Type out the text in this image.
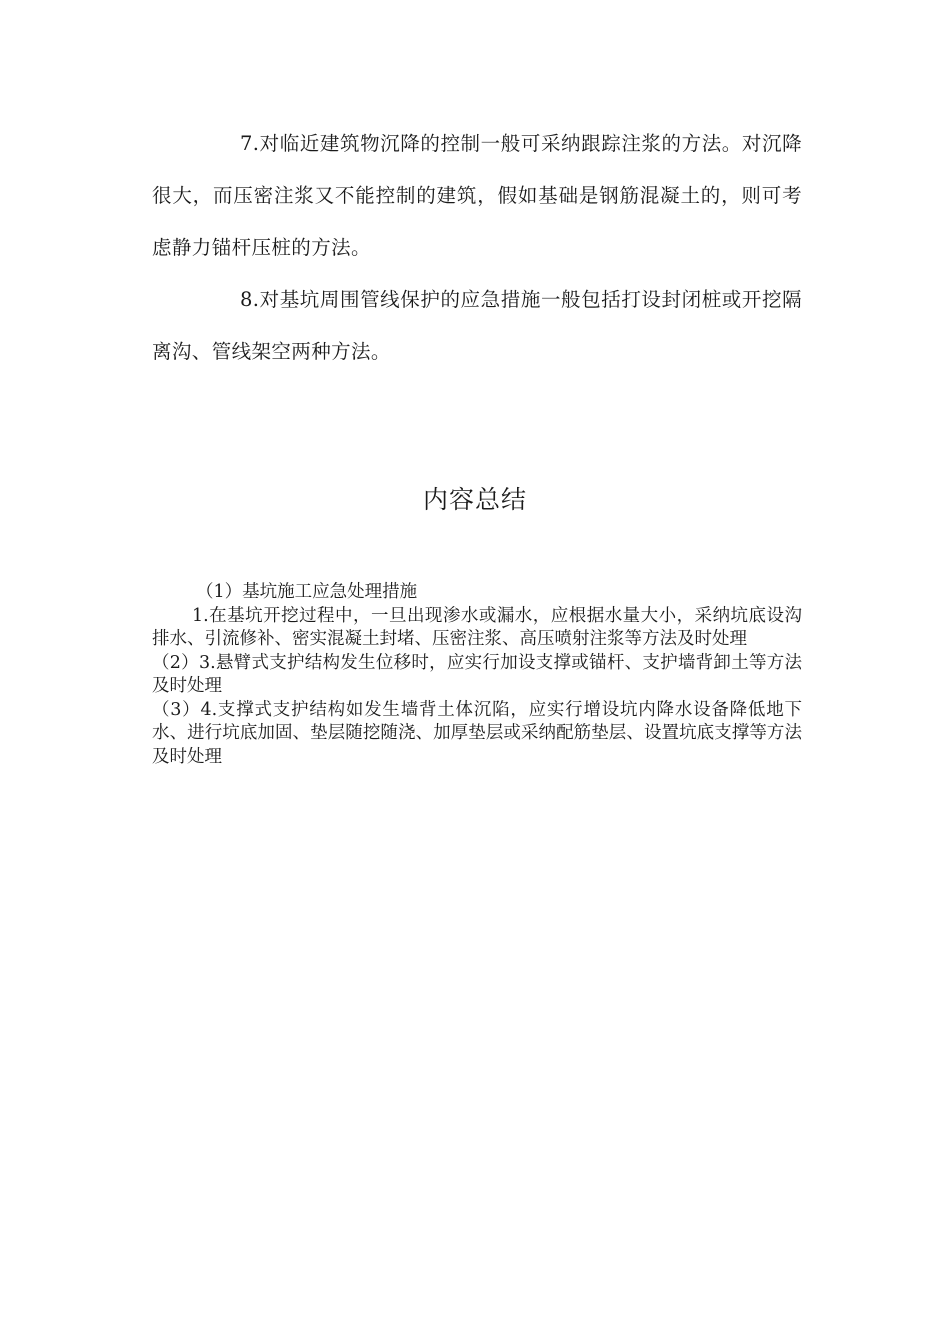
7.对临近建筑物沉降的控制一般可采纳跟踪注浆的方法。对沉降很大，而压密注浆又不能控制的建筑，假如基础是钢筋混凝土的，则可考虑静力锚杆压桩的方法。

8.对基坑周围管线保护的应急措施一般包括打设封闭桩或开挖隔离沟、管线架空两种方法。

内容总结
（1）基坑施工应急处理措施
1.在基坑开挖过程中，一旦出现渗水或漏水，应根据水量大小，采纳坑底设沟排水、引流修补、密实混凝土封堵、压密注浆、高压喷射注浆等方法及时处理
（2）3.悬臂式支护结构发生位移时，应实行加设支撑或锚杆、支护墙背卸土等方法及时处理
（3）4.支撑式支护结构如发生墙背土体沉陷，应实行增设坑内降水设备降低地下水、进行坑底加固、垫层随挖随浇、加厚垫层或采纳配筋垫层、设置坑底支撑等方法及时处理
